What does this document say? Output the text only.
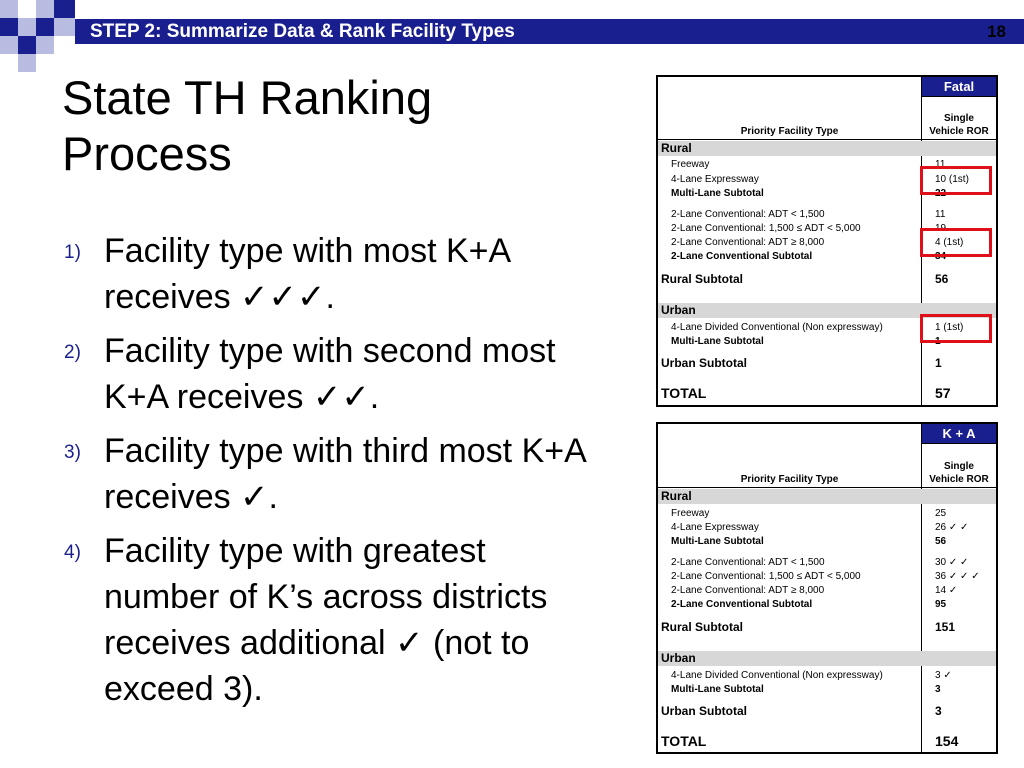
STEP 2: Summarize Data & Rank Facility Types	18
State TH Ranking
Process
1) Facility type with most K+A receives ✓✓✓.
2) Facility type with second most K+A receives ✓✓.
3) Facility type with third most K+A receives ✓.
4) Facility type with greatest number of K’s across districts receives additional ✓ (not to exceed 3).
Fatal
Single
Vehicle ROR
Priority Facility Type
Rural
Freeway	11
4-Lane Expressway	10 (1st)
Multi-Lane Subtotal	22
2-Lane Conventional: ADT < 1,500	11
2-Lane Conventional: 1,500 ≤ ADT < 5,000	19
2-Lane Conventional: ADT ≥ 8,000	4 (1st)
2-Lane Conventional Subtotal	34
Rural Subtotal	56
Urban
4-Lane Divided Conventional (Non expressway)	1 (1st)
Multi-Lane Subtotal	1
Urban Subtotal	1
TOTAL	57
K + A
Single
Vehicle ROR
Priority Facility Type
Rural
Freeway	25
4-Lane Expressway	26 ✓ ✓
Multi-Lane Subtotal	56
2-Lane Conventional: ADT < 1,500	30 ✓ ✓
2-Lane Conventional: 1,500 ≤ ADT < 5,000	36 ✓ ✓ ✓
2-Lane Conventional: ADT ≥ 8,000	14 ✓
2-Lane Conventional Subtotal	95
Rural Subtotal	151
Urban
4-Lane Divided Conventional (Non expressway)	3 ✓
Multi-Lane Subtotal	3
Urban Subtotal	3
TOTAL	154
